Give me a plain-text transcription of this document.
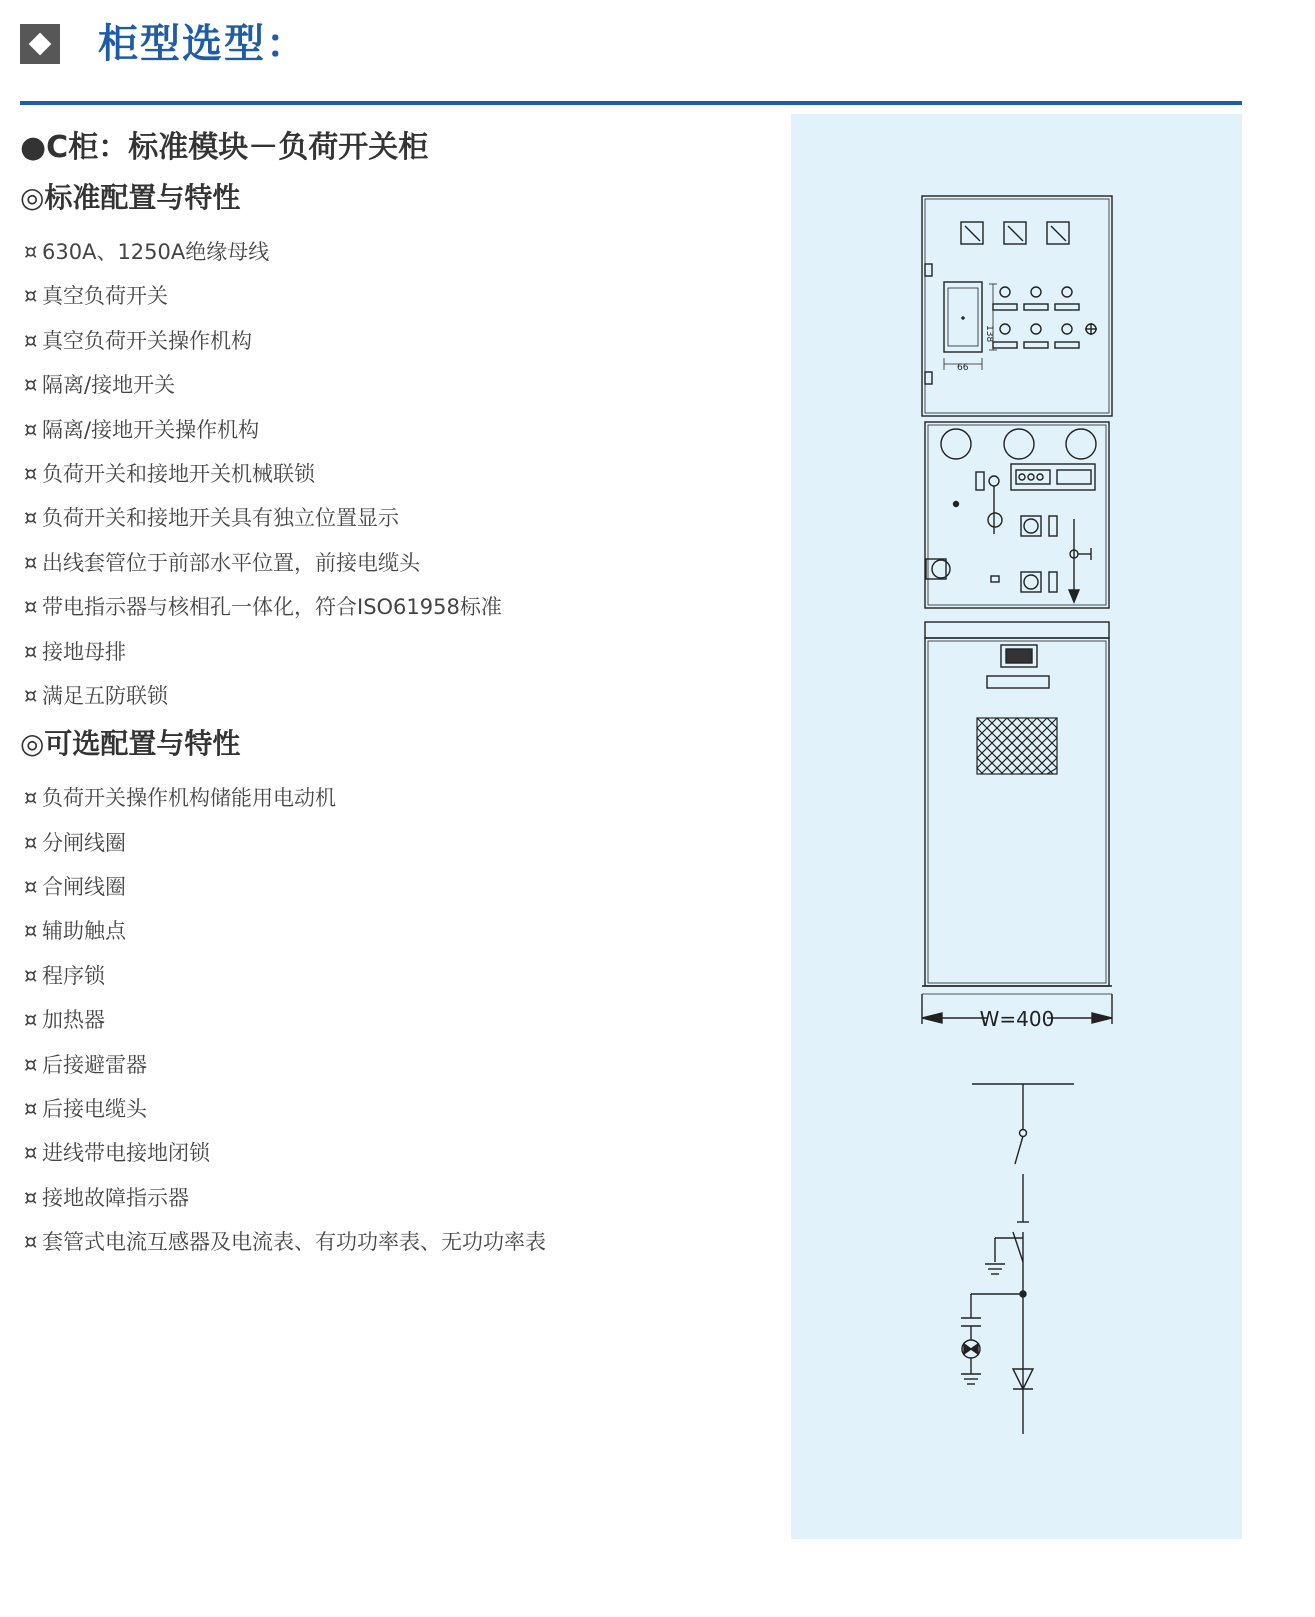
柜型选型：
●C柜：标准模块－负荷开关柜
◎标准配置与特性
¤ 630A、1250A绝缘母线
¤ 真空负荷开关
¤ 真空负荷开关操作机构
¤ 隔离/接地开关
¤ 隔离/接地开关操作机构
¤ 负荷开关和接地开关机械联锁
¤ 负荷开关和接地开关具有独立位置显示
¤ 出线套管位于前部水平位置，前接电缆头
¤ 带电指示器与核相孔一体化，符合ISO61958标准
¤ 接地母排
¤ 满足五防联锁
◎可选配置与特性
¤ 负荷开关操作机构储能用电动机
¤ 分闸线圈
¤ 合闸线圈
¤ 辅助触点
¤ 程序锁
¤ 加热器
¤ 后接避雷器
¤ 后接电缆头
¤ 进线带电接地闭锁
¤ 接地故障指示器
¤ 套管式电流互感器及电流表、有功功率表、无功功率表
138
66
W=400
